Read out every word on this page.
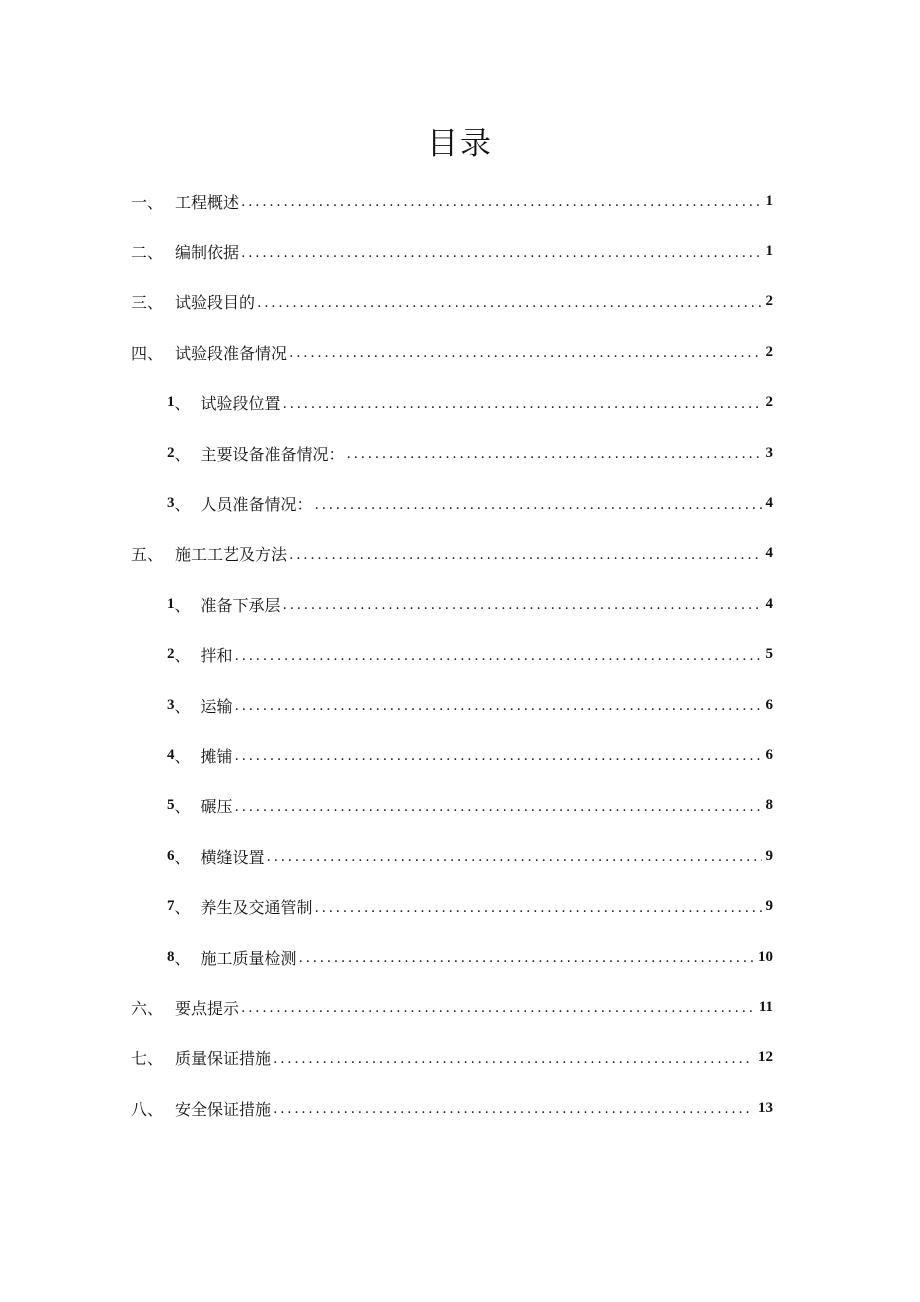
目录
一 、 工程概述 .....	1
二 、 编制依据 .....	1
三 、 试验段目的 .....	2
四 、 试验段准备情况 .....	2
1 、 试验段位置 .....	2
2 、 主要设备准备情况： .....	3
3 、 人员准备情况： .....	4
五 、 施工工艺及方法 .....	4
1 、 准备下承层 .....	4
2 、 拌和 .....	5
3 、 运输 .....	6
4 、 摊铺 .....	6
5 、 碾压 .....	8
6 、 横缝设置 .....	9
7 、 养生及交通管制 .....	9
8 、 施工质量检测 .....	10
六 、 要点提示 .....	11
七 、 质量保证措施 .....	12
八 、 安全保证措施 .....	13
